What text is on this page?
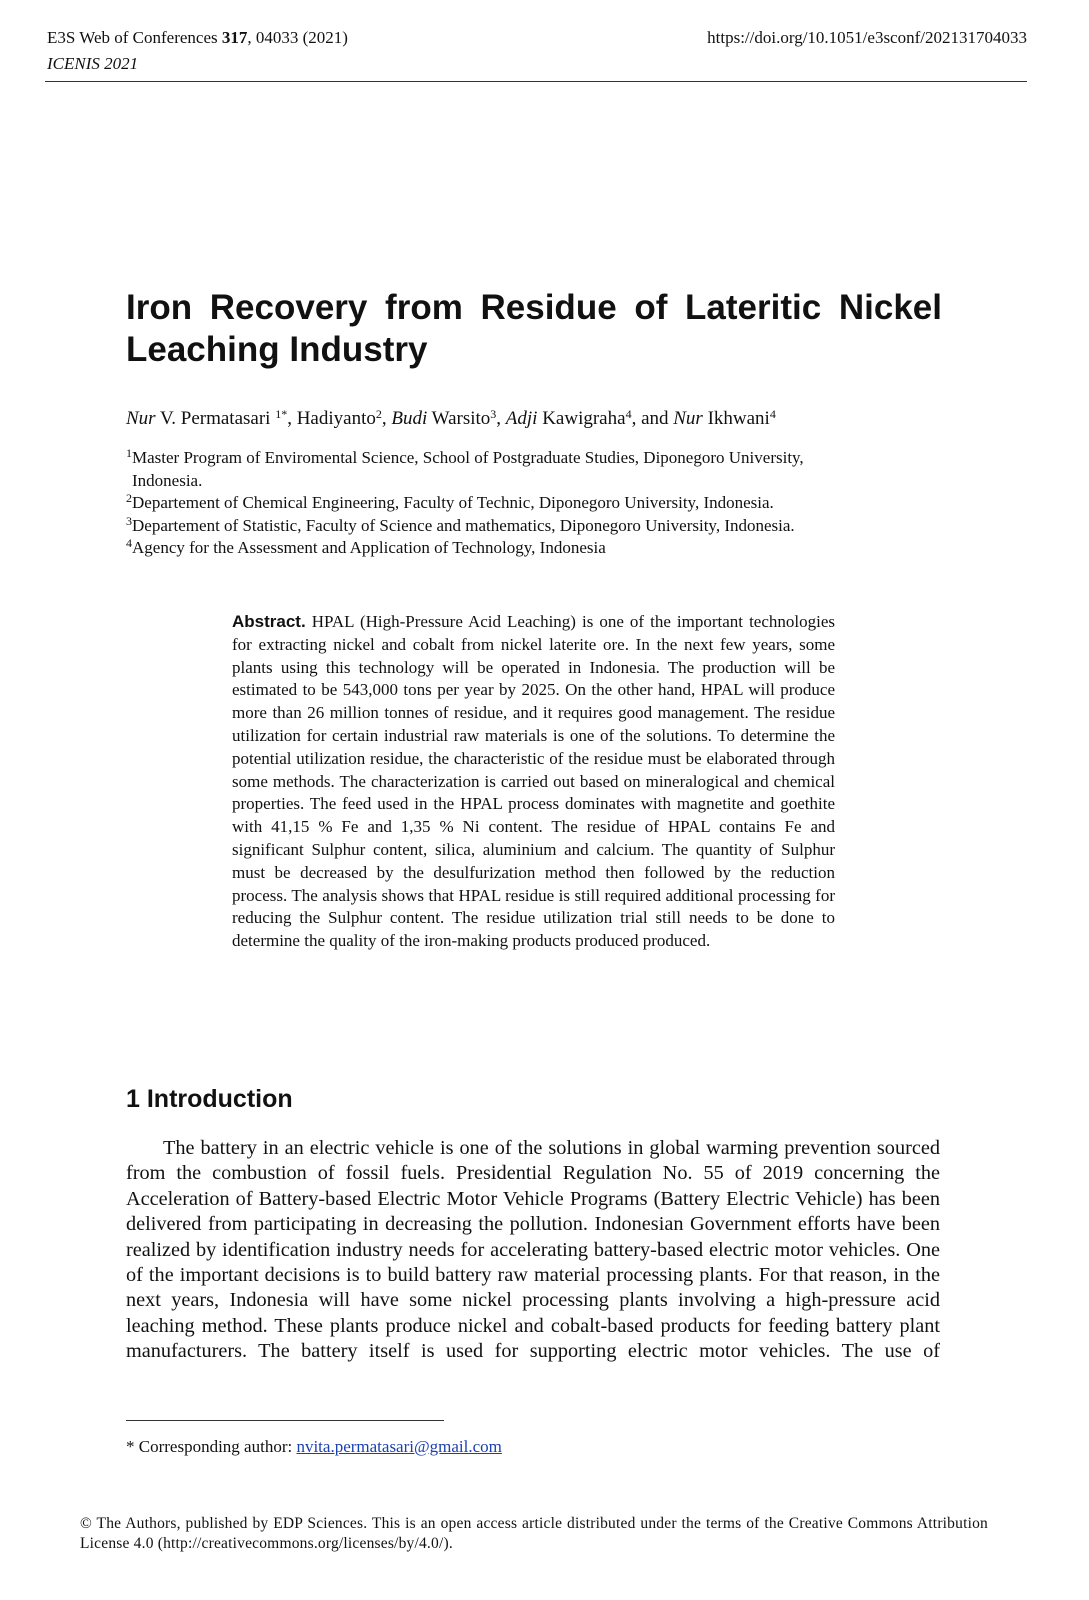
E3S Web of Conferences 317, 04033 (2021)
ICENIS 2021
https://doi.org/10.1051/e3sconf/202131704033
Iron Recovery from Residue of Lateritic Nickel Leaching Industry
Nur V. Permatasari $^{1*}$, Hadiyanto$^2$, Budi Warsito$^3$, Adji Kawigraha$^4$, and Nur Ikhwani$^4$
$^1$Master Program of Enviromental Science, School of Postgraduate Studies, Diponegoro University,
Indonesia.
$^2$Departement of Chemical Engineering, Faculty of Technic, Diponegoro University, Indonesia.
$^3$Departement of Statistic, Faculty of Science and mathematics, Diponegoro University, Indonesia.
$^4$Agency for the Assessment and Application of Technology, Indonesia

Abstract. HPAL (High-Pressure Acid Leaching) is one of the important technologies for extracting nickel and cobalt from nickel laterite ore. In the next few years, some plants using this technology will be operated in Indonesia. The production will be estimated to be 543,000 tons per year by 2025. On the other hand, HPAL will produce more than 26 million tonnes of residue, and it requires good management. The residue utilization for certain industrial raw materials is one of the solutions. To determine the potential utilization residue, the characteristic of the residue must be elaborated through some methods. The characterization is carried out based on mineralogical and chemical properties. The feed used in the HPAL process dominates with magnetite and goethite with 41,15 % Fe and 1,35 % Ni content. The residue of HPAL contains Fe and significant Sulphur content, silica, aluminium and calcium. The quantity of Sulphur must be decreased by the desulfurization method then followed by the reduction process. The analysis shows that HPAL residue is still required additional processing for reducing the Sulphur content. The residue utilization trial still needs to be done to determine the quality of the iron-making products produced produced.

1 Introduction

The battery in an electric vehicle is one of the solutions in global warming prevention sourced from the combustion of fossil fuels. Presidential Regulation No. 55 of 2019 concerning the Acceleration of Battery-based Electric Motor Vehicle Programs (Battery Electric Vehicle) has been delivered from participating in decreasing the pollution. Indonesian Government efforts have been realized by identification industry needs for accelerating battery-based electric motor vehicles. One of the important decisions is to build battery raw material processing plants. For that reason, in the next years, Indonesia will have some nickel processing plants involving a high-pressure acid leaching method. These plants produce nickel and cobalt-based products for feeding battery plant manufacturers. The battery itself is used for supporting electric motor vehicles. The use of

* Corresponding author: nvita.permatasari@gmail.com

© The Authors, published by EDP Sciences. This is an open access article distributed under the terms of the Creative Commons Attribution License 4.0 (http://creativecommons.org/licenses/by/4.0/).
